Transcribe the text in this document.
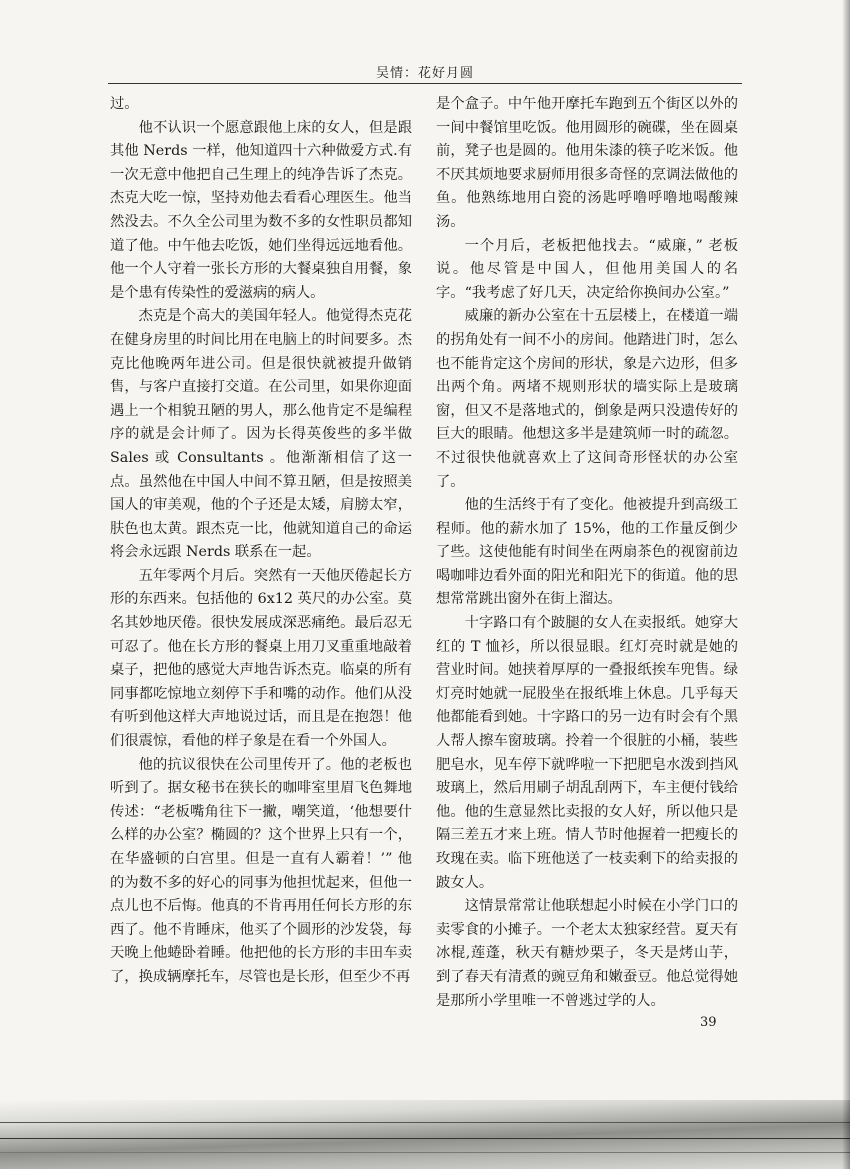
吴情：花好月圆

过。

他不认识一个愿意跟他上床的女人，但是跟其他 Nerds 一样，他知道四十六种做爱方式.有一次无意中他把自己生理上的纯净告诉了杰克。杰克大吃一惊，坚持劝他去看看心理医生。他当然没去。不久全公司里为数不多的女性职员都知道了他。中午他去吃饭，她们坐得远远地看他。他一个人守着一张长方形的大餐桌独自用餐，象是个患有传染性的爱滋病的病人。

杰克是个高大的美国年轻人。他觉得杰克花在健身房里的时间比用在电脑上的时间要多。杰克比他晚两年进公司。但是很快就被提升做销售，与客户直接打交道。在公司里，如果你迎面遇上一个相貌丑陋的男人，那么他肯定不是编程序的就是会计师了。因为长得英俊些的多半做 Sales 或 Consultants 。他渐渐相信了这一点。虽然他在中国人中间不算丑陋，但是按照美国人的审美观，他的个子还是太矮，肩膀太窄，肤色也太黄。跟杰克一比，他就知道自己的命运将会永远跟 Nerds 联系在一起。

五年零两个月后。突然有一天他厌倦起长方形的东西来。包括他的 6x12 英尺的办公室。莫名其妙地厌倦。很快发展成深恶痛绝。最后忍无可忍了。他在长方形的餐桌上用刀叉重重地敲着桌子，把他的感觉大声地告诉杰克。临桌的所有同事都吃惊地立刻停下手和嘴的动作。他们从没有听到他这样大声地说过话，而且是在抱怨！他们很震惊，看他的样子象是在看一个外国人。

他的抗议很快在公司里传开了。他的老板也听到了。据女秘书在狭长的咖啡室里眉飞色舞地传述：“老板嘴角往下一撇，嘲笑道，‘他想要什么样的办公室？椭圆的？这个世界上只有一个，在华盛顿的白宫里。但是一直有人霸着！’” 他的为数不多的好心的同事为他担忧起来，但他一点儿也不后悔。他真的不肯再用任何长方形的东西了。他不肯睡床，他买了个圆形的沙发袋，每天晚上他蜷卧着睡。他把他的长方形的丰田车卖了，换成辆摩托车，尽管也是长形，但至少不再

是个盒子。中午他开摩托车跑到五个街区以外的一间中餐馆里吃饭。他用圆形的碗碟，坐在圆桌前，凳子也是圆的。他用朱漆的筷子吃米饭。他不厌其烦地要求厨师用很多奇怪的烹调法做他的鱼。他熟练地用白瓷的汤匙呼噜呼噜地喝酸辣汤。

一个月后，老板把他找去。“威廉，” 老板说。他尽管是中国人，但他用美国人的名字。“我考虑了好几天，决定给你换间办公室。”

威廉的新办公室在十五层楼上，在楼道一端的拐角处有一间不小的房间。他踏进门时，怎么也不能肯定这个房间的形状，象是六边形，但多出两个角。两堵不规则形状的墙实际上是玻璃窗，但又不是落地式的，倒象是两只没遗传好的巨大的眼睛。他想这多半是建筑师一时的疏忽。不过很快他就喜欢上了这间奇形怪状的办公室了。

他的生活终于有了变化。他被提升到高级工程师。他的薪水加了 15%，他的工作量反倒少了些。这使他能有时间坐在两扇茶色的视窗前边喝咖啡边看外面的阳光和阳光下的街道。他的思想常常跳出窗外在街上溜达。

十字路口有个跛腿的女人在卖报纸。她穿大红的 T 恤衫，所以很显眼。红灯亮时就是她的营业时间。她挟着厚厚的一叠报纸挨车兜售。绿灯亮时她就一屁股坐在报纸堆上休息。几乎每天他都能看到她。十字路口的另一边有时会有个黑人帮人擦车窗玻璃。拎着一个很脏的小桶，装些肥皂水，见车停下就哗啦一下把肥皂水泼到挡风玻璃上，然后用刷子胡乱刮两下，车主便付钱给他。他的生意显然比卖报的女人好，所以他只是隔三差五才来上班。情人节时他握着一把瘦长的玫瑰在卖。临下班他送了一枝卖剩下的给卖报的跛女人。

这情景常常让他联想起小时候在小学门口的卖零食的小摊子。一个老太太独家经营。夏天有冰棍,莲蓬，秋天有糖炒栗子，冬天是烤山芋，到了春天有清煮的豌豆角和嫩蚕豆。他总觉得她是那所小学里唯一不曾逃过学的人。

39
